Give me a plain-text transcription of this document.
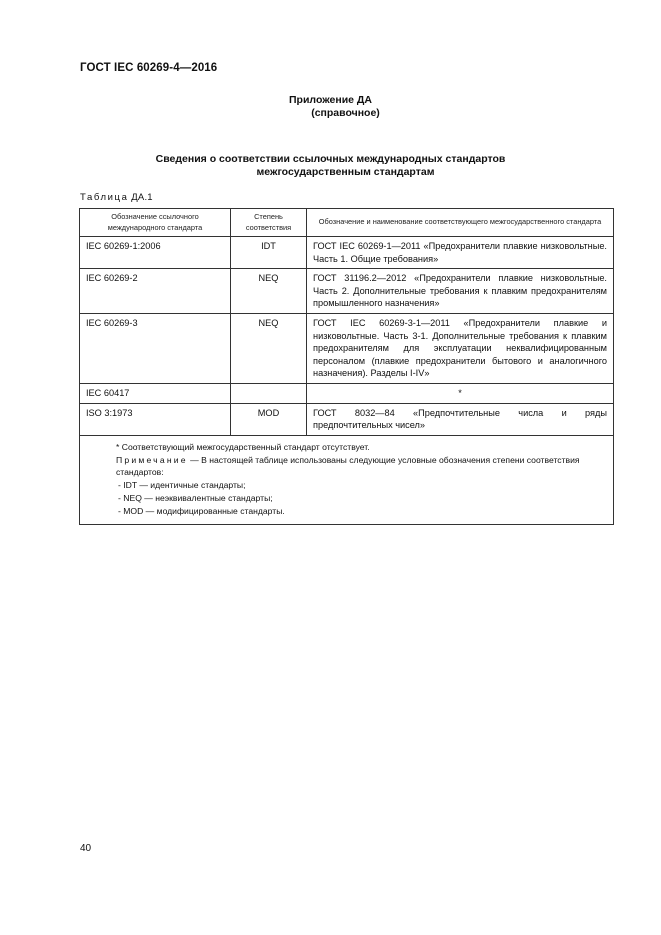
ГОСТ IEC 60269-4—2016
Приложение ДА
(справочное)
Сведения о соответствии ссылочных международных стандартов
межгосударственным стандартам
Таблица ДА.1
Обозначение ссылочного международного стандарта	Степень соответствия	Обозначение и наименование соответствующего межгосударственного стандарта
IEC 60269-1:2006	IDT	ГОСТ IEC 60269-1—2011 «Предохранители плавкие низковольтные. Часть 1. Общие требования»
IEC 60269-2	NEQ	ГОСТ 31196.2—2012 «Предохранители плавкие низковольтные. Часть 2. Дополнительные требования к плавким предохранителям промышленного назначения»
IEC 60269-3	NEQ	ГОСТ IEC 60269-3-1—2011 «Предохранители плавкие и низковольтные. Часть 3-1. Дополнительные требования к плавким предохранителям для эксплуатации неквалифицированным персоналом (плавкие предохранители бытового и аналогичного назначения). Разделы I-IV»
IEC 60417		*
ISO 3:1973	MOD	ГОСТ 8032—84 «Предпочтительные числа и ряды предпочтительных чисел»

* Соответствующий межгосударственный стандарт отсутствует.
Примечание — В настоящей таблице использованы следующие условные обозначения степени соответствия стандартов:
- IDT — идентичные стандарты;
- NEQ — неэквивалентные стандарты;
- MOD — модифицированные стандарты.		
40
